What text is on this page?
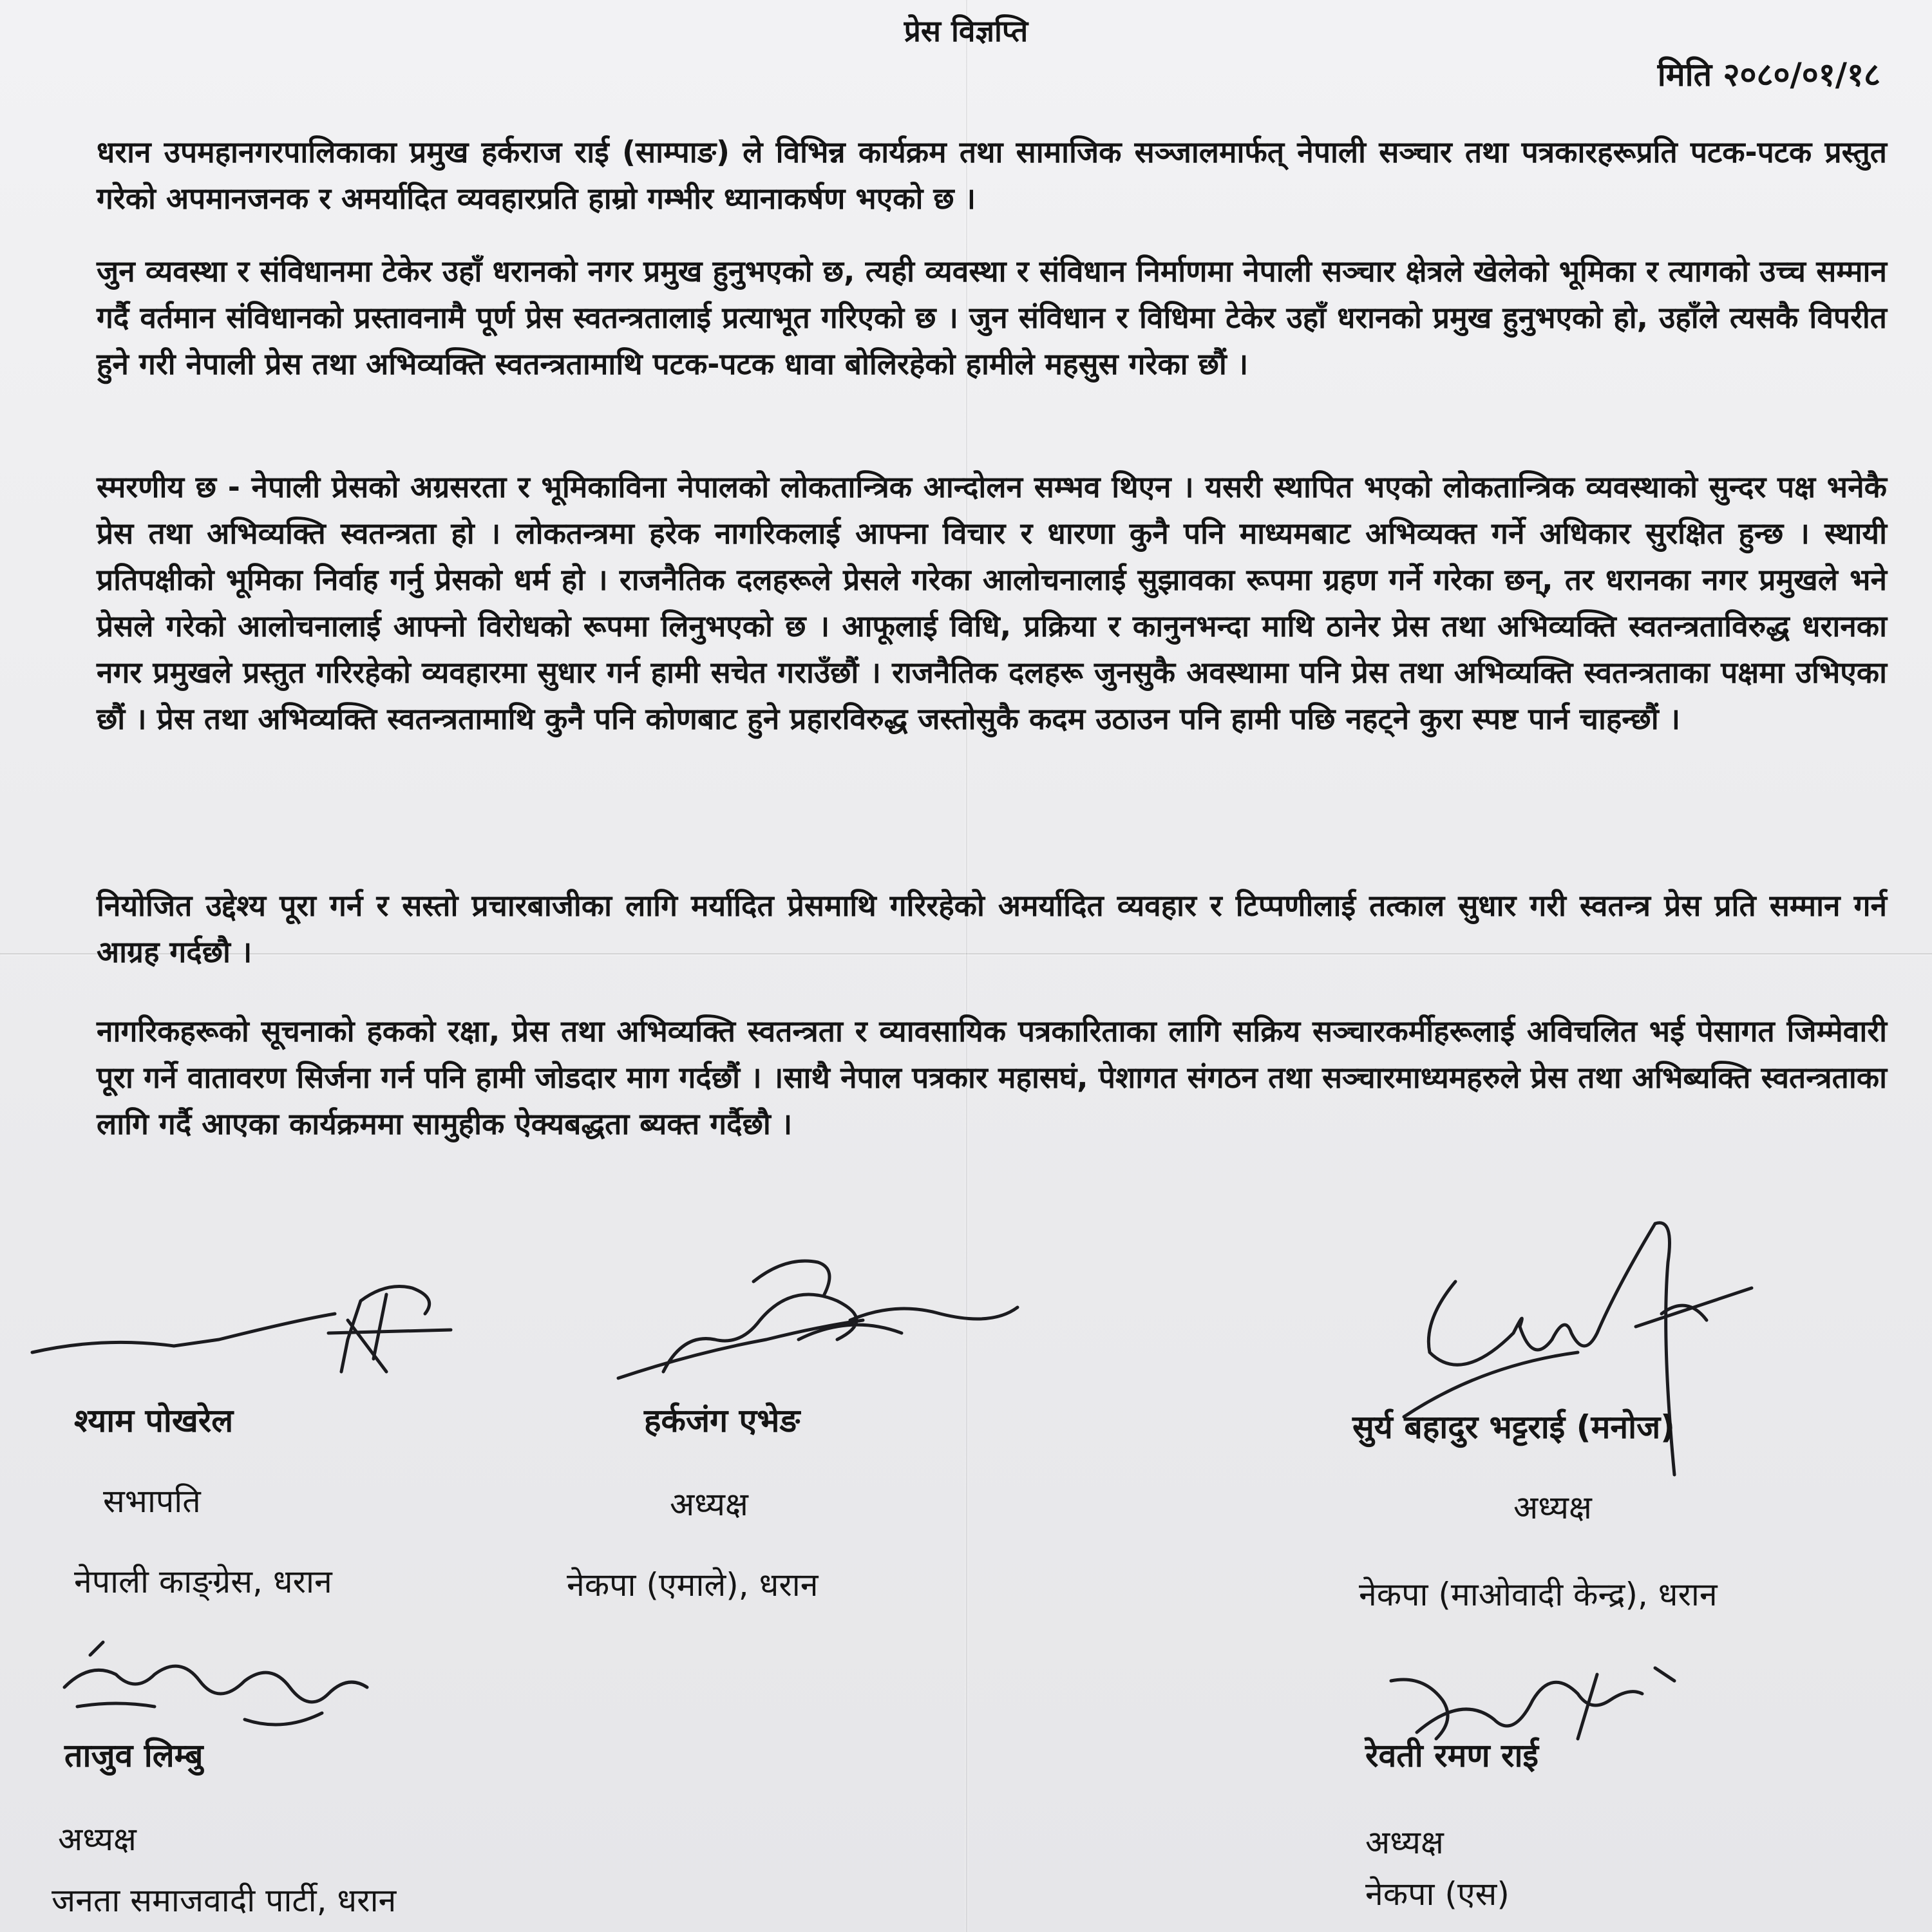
प्रेस विज्ञप्ति
मिति २०८०/०१/१८

धरान उपमहानगरपालिकाका प्रमुख हर्कराज राई (साम्पाङ) ले विभिन्न कार्यक्रम तथा सामाजिक सञ्जालमार्फत् नेपाली सञ्चार तथा पत्रकारहरूप्रति पटक-पटक प्रस्तुत गरेको अपमानजनक र अमर्यादित व्यवहारप्रति हाम्रो गम्भीर ध्यानाकर्षण भएको छ ।

जुन व्यवस्था र संविधानमा टेकेर उहाँ धरानको नगर प्रमुख हुनुभएको छ, त्यही व्यवस्था र संविधान निर्माणमा नेपाली सञ्चार क्षेत्रले खेलेको भूमिका र त्यागको उच्च सम्मान गर्दै वर्तमान संविधानको प्रस्तावनामै पूर्ण प्रेस स्वतन्त्रतालाई प्रत्याभूत गरिएको छ । जुन संविधान र विधिमा टेकेर उहाँ धरानको प्रमुख हुनुभएको हो, उहाँले त्यसकै विपरीत हुने गरी नेपाली प्रेस तथा अभिव्यक्ति स्वतन्त्रतामाथि पटक-पटक धावा बोलिरहेको हामीले महसुस गरेका छौं ।

स्मरणीय छ - नेपाली प्रेसको अग्रसरता र भूमिकाविना नेपालको लोकतान्त्रिक आन्दोलन सम्भव थिएन । यसरी स्थापित भएको लोकतान्त्रिक व्यवस्थाको सुन्दर पक्ष भनेकै प्रेस तथा अभिव्यक्ति स्वतन्त्रता हो । लोकतन्त्रमा हरेक नागरिकलाई आफ्ना विचार र धारणा कुनै पनि माध्यमबाट अभिव्यक्त गर्ने अधिकार सुरक्षित हुन्छ । स्थायी प्रतिपक्षीको भूमिका निर्वाह गर्नु प्रेसको धर्म हो । राजनैतिक दलहरूले प्रेसले गरेका आलोचनालाई सुझावका रूपमा ग्रहण गर्ने गरेका छन्, तर धरानका नगर प्रमुखले भने प्रेसले गरेको आलोचनालाई आफ्नो विरोधको रूपमा लिनुभएको छ । आफूलाई विधि, प्रक्रिया र कानुनभन्दा माथि ठानेर प्रेस तथा अभिव्यक्ति स्वतन्त्रताविरुद्ध धरानका नगर प्रमुखले प्रस्तुत गरिरहेको व्यवहारमा सुधार गर्न हामी सचेत गराउँछौं । राजनैतिक दलहरू जुनसुकै अवस्थामा पनि प्रेस तथा अभिव्यक्ति स्वतन्त्रताका पक्षमा उभिएका छौं । प्रेस तथा अभिव्यक्ति स्वतन्त्रतामाथि कुनै पनि कोणबाट हुने प्रहारविरुद्ध जस्तोसुकै कदम उठाउन पनि हामी पछि नहट्ने कुरा स्पष्ट पार्न चाहन्छौं ।

नियोजित उद्देश्य पूरा गर्न र सस्तो प्रचारबाजीका लागि मर्यादित प्रेसमाथि गरिरहेको अमर्यादित व्यवहार र टिप्पणीलाई तत्काल सुधार गरी स्वतन्त्र प्रेस प्रति सम्मान गर्न आग्रह गर्दछौ ।

नागरिकहरूको सूचनाको हकको रक्षा, प्रेस तथा अभिव्यक्ति स्वतन्त्रता र व्यावसायिक पत्रकारिताका लागि सक्रिय सञ्चारकर्मीहरूलाई अविचलित भई पेसागत जिम्मेवारी पूरा गर्ने वातावरण सिर्जना गर्न पनि हामी जोडदार माग गर्दछौं । ।साथै नेपाल पत्रकार महासघं, पेशागत संगठन तथा सञ्चारमाध्यमहरुले प्रेस तथा अभिब्यक्ति स्वतन्त्रताका लागि गर्दै आएका कार्यक्रममा सामुहीक ऐक्यबद्धता ब्यक्त गर्दैछौ ।

श्याम पोखरेल
सभापति
नेपाली काङ्ग्रेस, धरान
हर्कजंग एभेङ
अध्यक्ष
नेकपा (एमाले), धरान
सुर्य बहादुर भट्टराई (मनोज)
अध्यक्ष
नेकपा (माओवादी केन्द्र), धरान
ताजुव लिम्बु
अध्यक्ष
जनता समाजवादी पार्टी, धरान
रेवती रमण राई
अध्यक्ष
नेकपा (एस)
